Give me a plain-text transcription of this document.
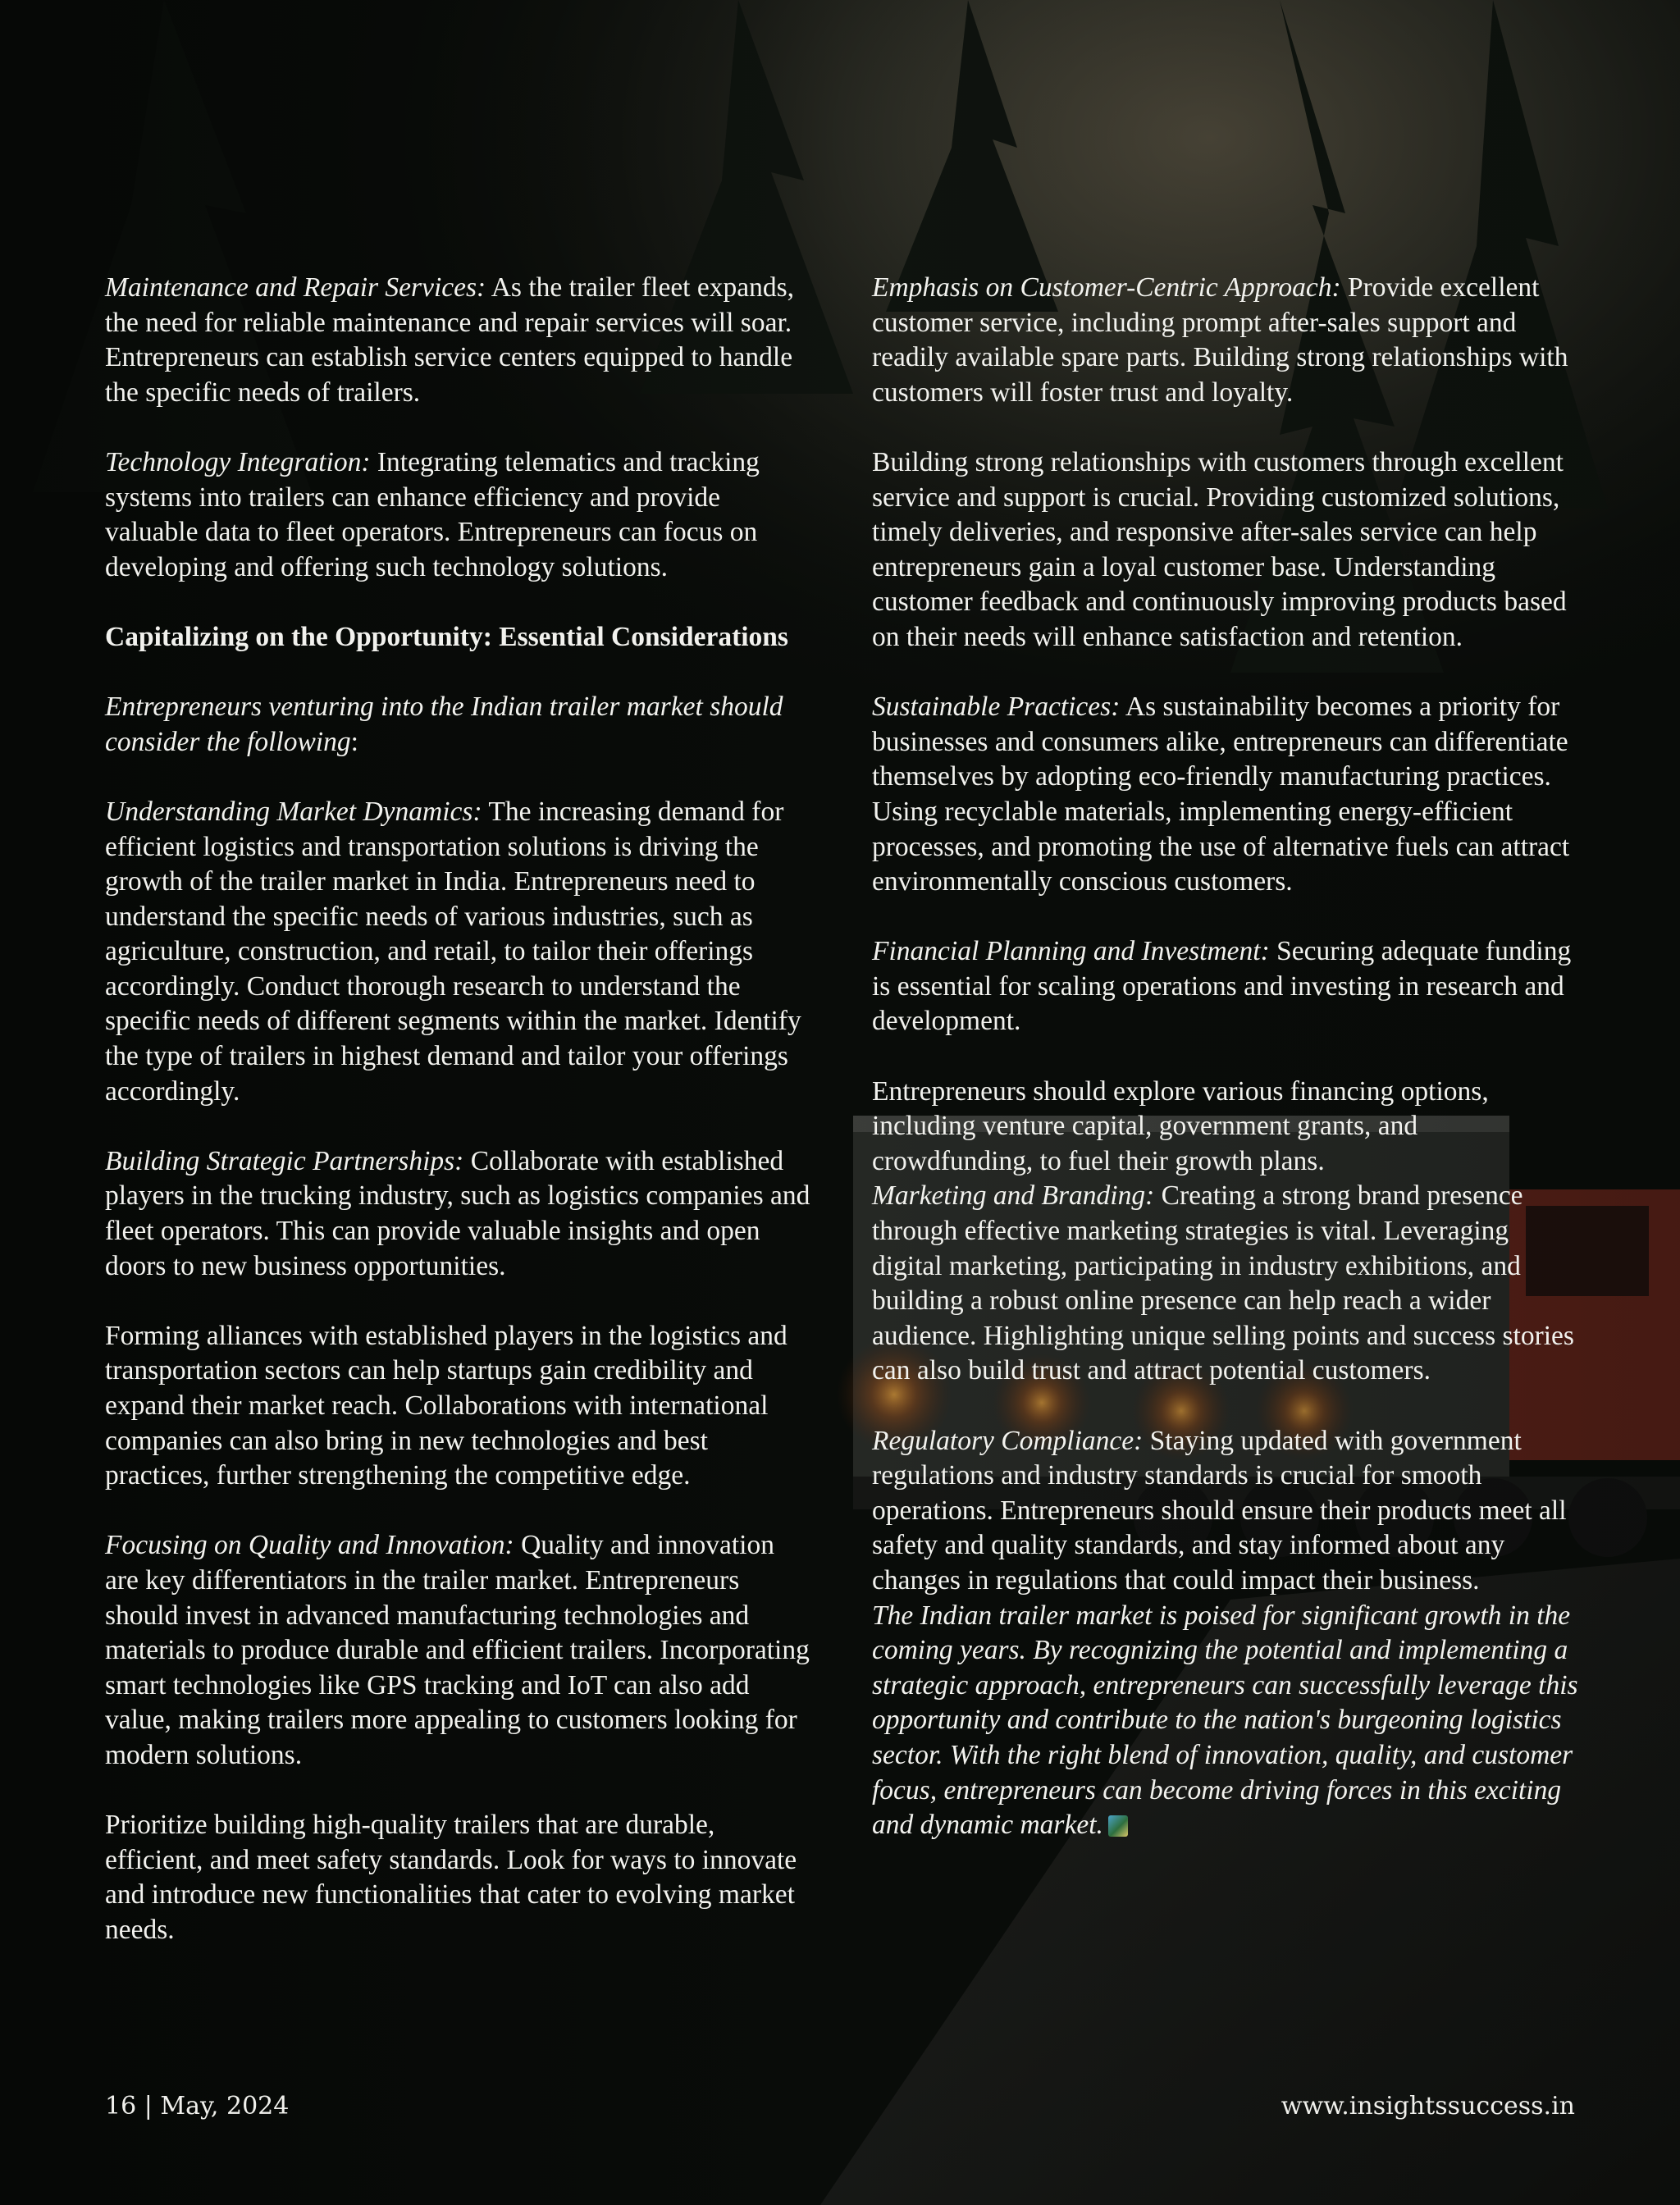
Maintenance and Repair Services: As the trailer fleet expands, the need for reliable maintenance and repair services will soar. Entrepreneurs can establish service centers equipped to handle the specific needs of trailers.

Technology Integration: Integrating telematics and tracking systems into trailers can enhance efficiency and provide valuable data to fleet operators. Entrepreneurs can focus on developing and offering such technology solutions.

Capitalizing on the Opportunity: Essential Considerations

Entrepreneurs venturing into the Indian trailer market should consider the following:

Understanding Market Dynamics: The increasing demand for efficient logistics and transportation solutions is driving the growth of the trailer market in India. Entrepreneurs need to understand the specific needs of various industries, such as agriculture, construction, and retail, to tailor their offerings accordingly. Conduct thorough research to understand the specific needs of different segments within the market. Identify the type of trailers in highest demand and tailor your offerings accordingly.

Building Strategic Partnerships: Collaborate with established players in the trucking industry, such as logistics companies and fleet operators. This can provide valuable insights and open doors to new business opportunities.

Forming alliances with established players in the logistics and transportation sectors can help startups gain credibility and expand their market reach. Collaborations with international companies can also bring in new technologies and best practices, further strengthening the competitive edge.

Focusing on Quality and Innovation: Quality and innovation are key differentiators in the trailer market. Entrepreneurs should invest in advanced manufacturing technologies and materials to produce durable and efficient trailers. Incorporating smart technologies like GPS tracking and IoT can also add value, making trailers more appealing to customers looking for modern solutions.

Prioritize building high-quality trailers that are durable, efficient, and meet safety standards. Look for ways to innovate and introduce new functionalities that cater to evolving market needs.

Emphasis on Customer-Centric Approach: Provide excellent customer service, including prompt after-sales support and readily available spare parts. Building strong relationships with customers will foster trust and loyalty.

Building strong relationships with customers through excellent service and support is crucial. Providing customized solutions, timely deliveries, and responsive after-sales service can help entrepreneurs gain a loyal customer base. Understanding customer feedback and continuously improving products based on their needs will enhance satisfaction and retention.

Sustainable Practices: As sustainability becomes a priority for businesses and consumers alike, entrepreneurs can differentiate themselves by adopting eco-friendly manufacturing practices. Using recyclable materials, implementing energy-efficient processes, and promoting the use of alternative fuels can attract environmentally conscious customers.

Financial Planning and Investment: Securing adequate funding is essential for scaling operations and investing in research and development.

Entrepreneurs should explore various financing options, including venture capital, government grants, and crowdfunding, to fuel their growth plans.

Marketing and Branding: Creating a strong brand presence through effective marketing strategies is vital. Leveraging digital marketing, participating in industry exhibitions, and building a robust online presence can help reach a wider audience. Highlighting unique selling points and success stories can also build trust and attract potential customers.

Regulatory Compliance: Staying updated with government regulations and industry standards is crucial for smooth operations. Entrepreneurs should ensure their products meet all safety and quality standards, and stay informed about any changes in regulations that could impact their business.

The Indian trailer market is poised for significant growth in the coming years. By recognizing the potential and implementing a strategic approach, entrepreneurs can successfully leverage this opportunity and contribute to the nation's burgeoning logistics sector. With the right blend of innovation, quality, and customer focus, entrepreneurs can become driving forces in this exciting and dynamic market.

16 | May, 2024	www.insightssuccess.in
